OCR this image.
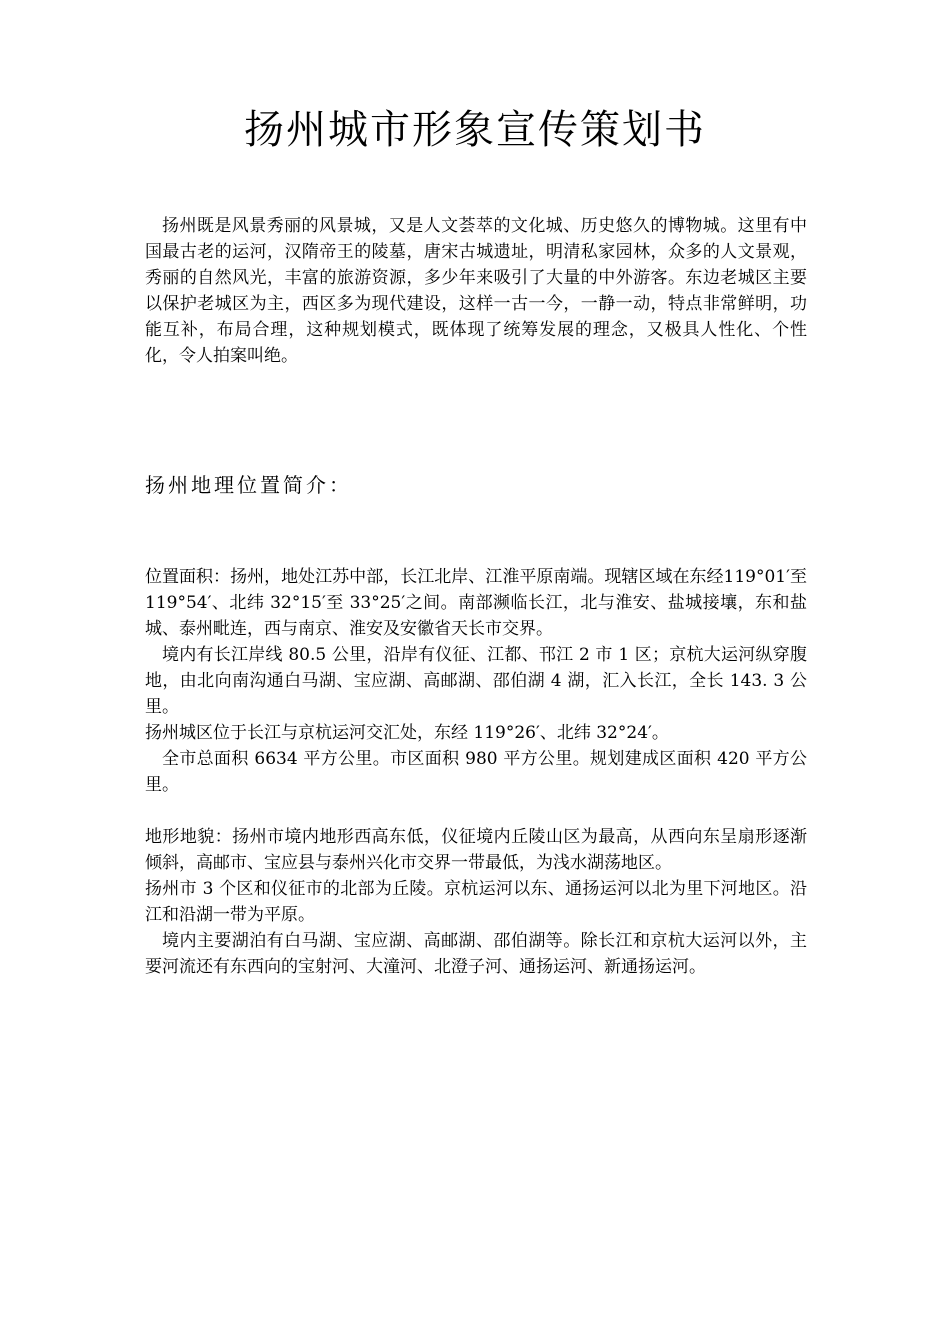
扬州城市形象宣传策划书

扬州既是风景秀丽的风景城，又是人文荟萃的文化城、历史悠久的博物城。这里有中国最古老的运河，汉隋帝王的陵墓，唐宋古城遗址，明清私家园林，众多的人文景观，秀丽的自然风光，丰富的旅游资源，多少年来吸引了大量的中外游客。东边老城区主要以保护老城区为主，西区多为现代建设，这样一古一今，一静一动，特点非常鲜明，功能互补，布局合理，这种规划模式，既体现了统筹发展的理念，又极具人性化、个性化，令人拍案叫绝。

扬州地理位置简介：

位置面积：扬州，地处江苏中部，长江北岸、江淮平原南端。现辖区域在东经119°01′至 119°54′、北纬 32°15′至 33°25′之间。南部濒临长江，北与淮安、盐城接壤，东和盐城、泰州毗连，西与南京、淮安及安徽省天长市交界。

境内有长江岸线 80.5 公里，沿岸有仪征、江都、邗江 2 市 1 区；京杭大运河纵穿腹地，由北向南沟通白马湖、宝应湖、高邮湖、邵伯湖 4 湖，汇入长江，全长 143. 3 公里。

扬州城区位于长江与京杭运河交汇处，东经 119°26′、北纬 32°24′。

全市总面积 6634 平方公里。市区面积 980 平方公里。规划建成区面积 420 平方公里。

地形地貌：扬州市境内地形西高东低，仪征境内丘陵山区为最高，从西向东呈扇形逐渐倾斜，高邮市、宝应县与泰州兴化市交界一带最低，为浅水湖荡地区。

扬州市 3 个区和仪征市的北部为丘陵。京杭运河以东、通扬运河以北为里下河地区。沿江和沿湖一带为平原。

境内主要湖泊有白马湖、宝应湖、高邮湖、邵伯湖等。除长江和京杭大运河以外，主要河流还有东西向的宝射河、大潼河、北澄子河、通扬运河、新通扬运河。
